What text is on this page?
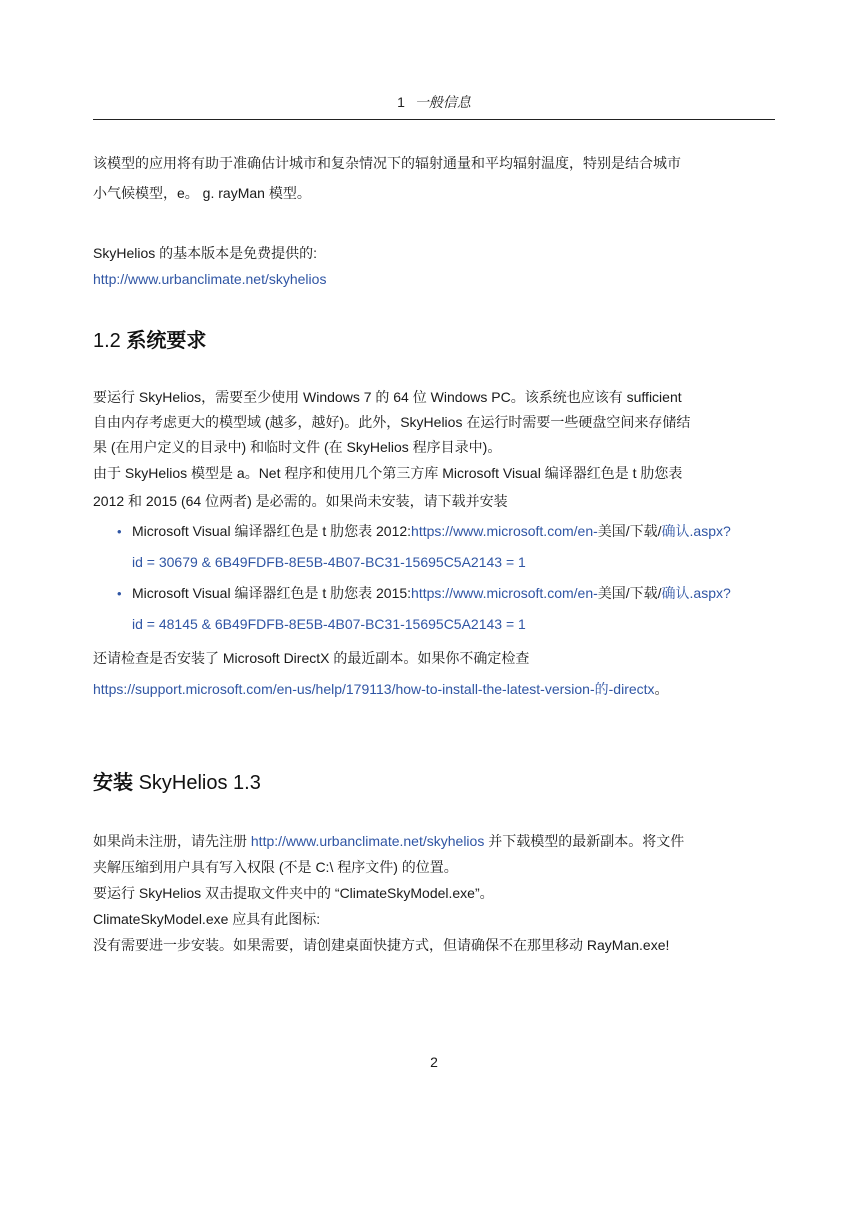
1 一般信息

该模型的应用将有助于准确估计城市和复杂情况下的辐射通量和平均辐射温度，特别是结合城市
小气候模型，e。 g. rayMan 模型。

SkyHelios 的基本版本是免费提供的:
http://www.urbanclimate.net/skyhelios

1.2 系统要求

要运行 SkyHelios，需要至少使用 Windows 7 的 64 位 Windows PC。该系统也应该有 sufficient
自由内存考虑更大的模型域 (越多，越好)。此外，SkyHelios 在运行时需要一些硬盘空间来存储结
果 (在用户定义的目录中) 和临时文件 (在 SkyHelios 程序目录中)。
由于 SkyHelios 模型是 a。Net 程序和使用几个第三方库 Microsoft Visual 编译器红色是 t 肋您表
2012 和 2015 (64 位两者) 是必需的。如果尚未安装，请下载并安装

• Microsoft Visual 编译器红色是 t 肋您表 2012:https://www.microsoft.com/en-美国/下载/确认.aspx?
id = 30679 & 6B49FDFB-8E5B-4B07-BC31-15695C5A2143 = 1
• Microsoft Visual 编译器红色是 t 肋您表 2015:https://www.microsoft.com/en-美国/下载/确认.aspx?
id = 48145 & 6B49FDFB-8E5B-4B07-BC31-15695C5A2143 = 1

还请检查是否安装了 Microsoft DirectX 的最近副本。如果你不确定检查
https://support.microsoft.com/en-us/help/179113/how-to-install-the-latest-version-的-directx。

安装 SkyHelios 1.3

如果尚未注册，请先注册 http://www.urbanclimate.net/skyhelios 并下载模型的最新副本。将文件
夹解压缩到用户具有写入权限 (不是 C:\ 程序文件) 的位置。
要运行 SkyHelios 双击提取文件夹中的 “ClimateSkyModel.exe”。
ClimateSkyModel.exe 应具有此图标:
没有需要进一步安装。如果需要，请创建桌面快捷方式，但请确保不在那里移动 RayMan.exe!

2
